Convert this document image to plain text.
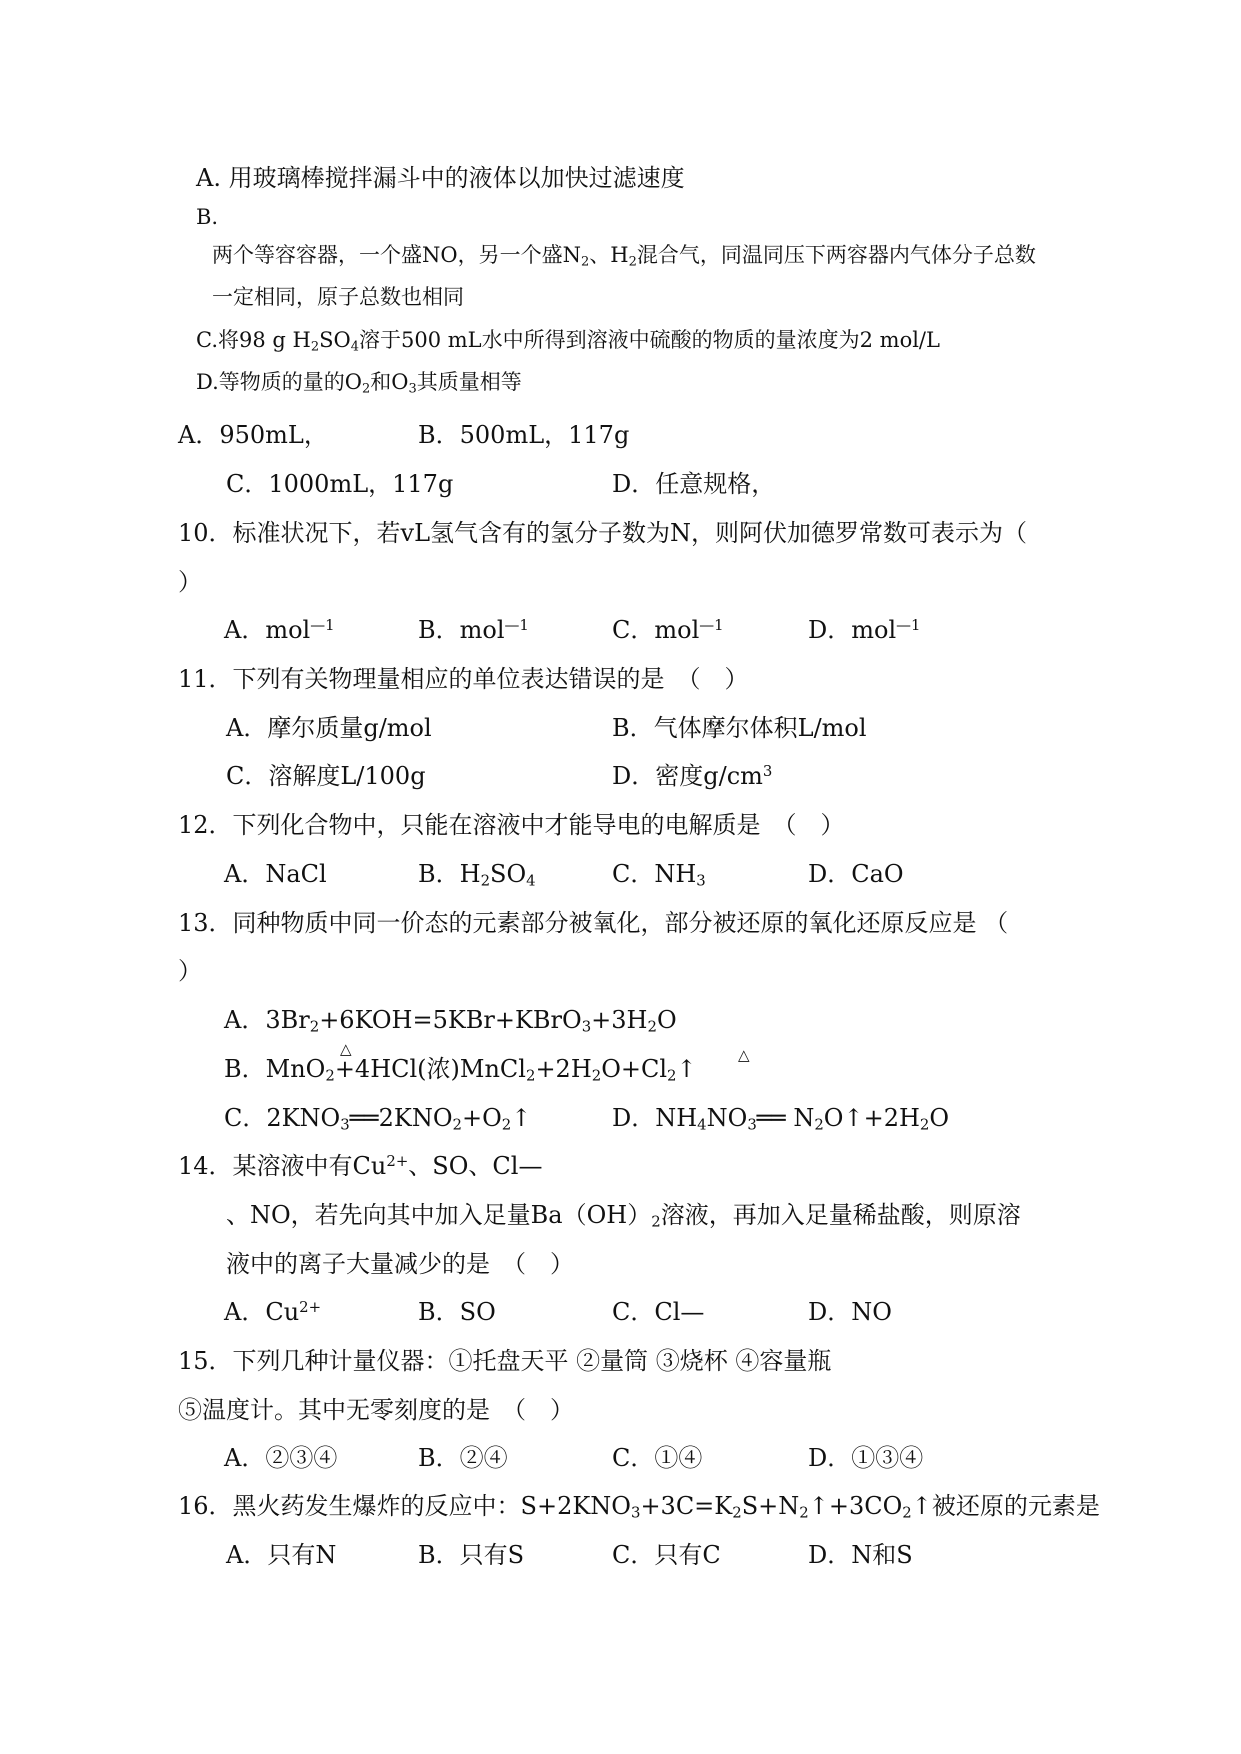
A. 用玻璃棒搅拌漏斗中的液体以加快过滤速度
B.
两个等容容器，一个盛NO，另一个盛$N_2$、$H_2$混合气，同温同压下两容器内气体分子总数
一定相同，原子总数也相同
C.将98 g $H_2SO_4$溶于500 mL水中所得到溶液中硫酸的物质的量浓度为2 mol/L
D.等物质的量的$O_2$和$O_3$其质量相等
A．950mL，	B．500mL，117g
C．1000mL，117g	D．任意规格，
10．标准状况下，若vL氢气含有的氢分子数为N，则阿伏加德罗常数可表示为（
）
A．mol$^{—1}$	B．mol$^{—1}$	C．mol$^{—1}$	D．mol$^{—1}$
11．下列有关物理量相应的单位表达错误的是　（　）
A．摩尔质量g/mol	B．气体摩尔体积L/mol
C．溶解度L/100g	D．密度$g/cm^3$
12．下列化合物中，只能在溶液中才能导电的电解质是　（　）
A．NaCl	B．$H_2SO_4$	C．$NH_3$	D．CaO
13．同种物质中同一价态的元素部分被氧化，部分被还原的氧化还原反应是 （
）
A．$3Br_2+6KOH=5KBr+KBrO_3+3H_2O$
△	△
B．MnO$_2$+4HCl(浓)$MnCl_2+2H_2O+Cl_2↑$
C．$2KNO_3══2KNO_2+O_2↑$	D．$NH_4NO_3══$ $N_2O↑+2H_2O$
14．某溶液中有$Cu^{2+}$、SO、Cl—
、NO，若先向其中加入足量$Ba(OH)_2$溶液，再加入足量稀盐酸，则原溶
液中的离子大量减少的是　（　）
A．$Cu^{2+}$	B．SO	C．Cl—	D．NO
15．下列几种计量仪器：①托盘天平 ②量筒 ③烧杯 ④容量瓶
⑤温度计。其中无零刻度的是　（　）
A．②③④	B．②④	C．①④	D．①③④
16．黑火药发生爆炸的反应中：$S+2KNO_3+3C=K_2S+N_2↑+3CO_2↑$被还原的元素是
A．只有N	B．只有S	C．只有C	D．N和S
